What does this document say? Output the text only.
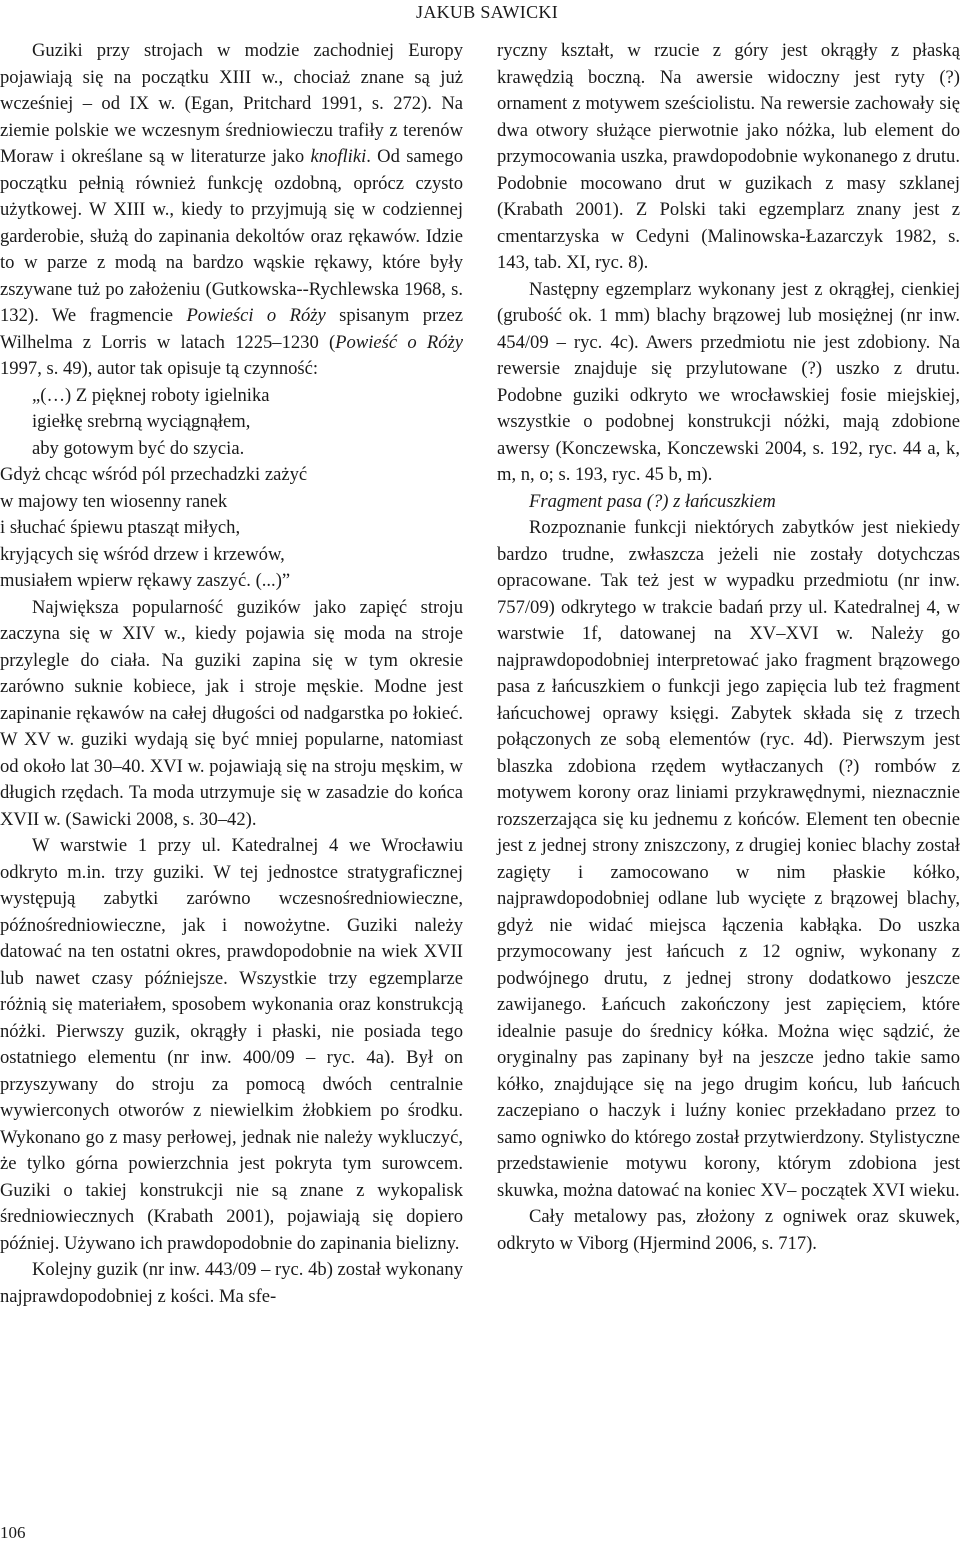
JAKUB SAWICKI

Guziki przy strojach w modzie zachodniej Europy pojawiają się na początku XIII w., chociaż znane są już wcześniej – od IX w. (Egan, Pritchard 1991, s. 272). Na ziemie polskie we wczesnym średniowieczu trafiły z terenów Moraw i określane są w literaturze jako knofliki. Od samego początku pełnią również funkcję ozdobną, oprócz czysto użytkowej. W XIII w., kiedy to przyjmują się w codziennej garderobie, służą do zapinania dekoltów oraz rękawów. Idzie to w parze z modą na bardzo wąskie rękawy, które były zszywane tuż po założeniu (Gutkowska--Rychlewska 1968, s. 132). We fragmencie Powieści o Róży spisanym przez Wilhelma z Lorris w latach 1225–1230 (Powieść o Róży 1997, s. 49), autor tak opisuje tą czynność:

„(…) Z pięknej roboty igielnika
igiełkę srebrną wyciągnąłem,
aby gotowym być do szycia.
Gdyż chcąc wśród pól przechadzki zażyć
w majowy ten wiosenny ranek
i słuchać śpiewu ptasząt miłych,
kryjących się wśród drzew i krzewów,
musiałem wpierw rękawy zaszyć. (...)”

Największa popularność guzików jako zapięć stroju zaczyna się w XIV w., kiedy pojawia się moda na stroje przylegle do ciała. Na guziki zapina się w tym okresie zarówno suknie kobiece, jak i stroje męskie. Modne jest zapinanie rękawów na całej długości od nadgarstka po łokieć. W XV w. guziki wydają się być mniej popularne, natomiast od około lat 30–40. XVI w. pojawiają się na stroju męskim, w długich rzędach. Ta moda utrzymuje się w zasadzie do końca XVII w. (Sawicki 2008, s. 30–42).

W warstwie 1 przy ul. Katedralnej 4 we Wrocławiu odkryto m.in. trzy guziki. W tej jednostce stratygraficznej występują zabytki zarówno wczesnośredniowieczne, późnośredniowieczne, jak i nowożytne. Guziki należy datować na ten ostatni okres, prawdopodobnie na wiek XVII lub nawet czasy późniejsze. Wszystkie trzy egzemplarze różnią się materiałem, sposobem wykonania oraz konstrukcją nóżki. Pierwszy guzik, okrągły i płaski, nie posiada tego ostatniego elementu (nr inw. 400/09 – ryc. 4a). Był on przyszywany do stroju za pomocą dwóch centralnie wywierconych otworów z niewielkim żłobkiem po środku. Wykonano go z masy perłowej, jednak nie należy wykluczyć, że tylko górna powierzchnia jest pokryta tym surowcem. Guziki o takiej konstrukcji nie są znane z wykopalisk średniowiecznych (Krabath 2001), pojawiają się dopiero później. Używano ich prawdopodobnie do zapinania bielizny.

Kolejny guzik (nr inw. 443/09 – ryc. 4b) został wykonany najprawdopodobniej z kości. Ma sfe-

ryczny kształt, w rzucie z góry jest okrągły z płaską krawędzią boczną. Na awersie widoczny jest ryty (?) ornament z motywem sześciolistu. Na rewersie zachowały się dwa otwory służące pierwotnie jako nóżka, lub element do przymocowania uszka, prawdopodobnie wykonanego z drutu. Podobnie mocowano drut w guzikach z masy szklanej (Krabath 2001). Z Polski taki egzemplarz znany jest z cmentarzyska w Cedyni (Malinowska-Łazarczyk 1982, s. 143, tab. XI, ryc. 8).

Następny egzemplarz wykonany jest z okrągłej, cienkiej (grubość ok. 1 mm) blachy brązowej lub mosiężnej (nr inw. 454/09 – ryc. 4c). Awers przedmiotu nie jest zdobiony. Na rewersie znajduje się przylutowane (?) uszko z drutu. Podobne guziki odkryto we wrocławskiej fosie miejskiej, wszystkie o podobnej konstrukcji nóżki, mają zdobione awersy (Konczewska, Konczewski 2004, s. 192, ryc. 44 a, k, m, n, o; s. 193, ryc. 45 b, m).

Fragment pasa (?) z łańcuszkiem

Rozpoznanie funkcji niektórych zabytków jest niekiedy bardzo trudne, zwłaszcza jeżeli nie zostały dotychczas opracowane. Tak też jest w wypadku przedmiotu (nr inw. 757/09) odkrytego w trakcie badań przy ul. Katedralnej 4, w warstwie 1f, datowanej na XV–XVI w. Należy go najprawdopodobniej interpretować jako fragment brązowego pasa z łańcuszkiem o funkcji jego zapięcia lub też fragment łańcuchowej oprawy księgi. Zabytek składa się z trzech połączonych ze sobą elementów (ryc. 4d). Pierwszym jest blaszka zdobiona rzędem wytłaczanych (?) rombów z motywem korony oraz liniami przykrawędnymi, nieznacznie rozszerzająca się ku jednemu z końców. Element ten obecnie jest z jednej strony zniszczony, z drugiej koniec blachy został zagięty i zamocowano w nim płaskie kółko, najprawdopodobniej odlane lub wycięte z brązowej blachy, gdyż nie widać miejsca łączenia kabłąka. Do uszka przymocowany jest łańcuch z 12 ogniw, wykonany z podwójnego drutu, z jednej strony dodatkowo jeszcze zawijanego. Łańcuch zakończony jest zapięciem, które idealnie pasuje do średnicy kółka. Można więc sądzić, że oryginalny pas zapinany był na jeszcze jedno takie samo kółko, znajdujące się na jego drugim końcu, lub łańcuch zaczepiano o haczyk i luźny koniec przekładano przez to samo ogniwko do którego został przytwierdzony. Stylistyczne przedstawienie motywu korony, którym zdobiona jest skuwka, można datować na koniec XV– początek XVI wieku.

Cały metalowy pas, złożony z ogniwek oraz skuwek, odkryto w Viborg (Hjermind 2006, s. 717).

106
